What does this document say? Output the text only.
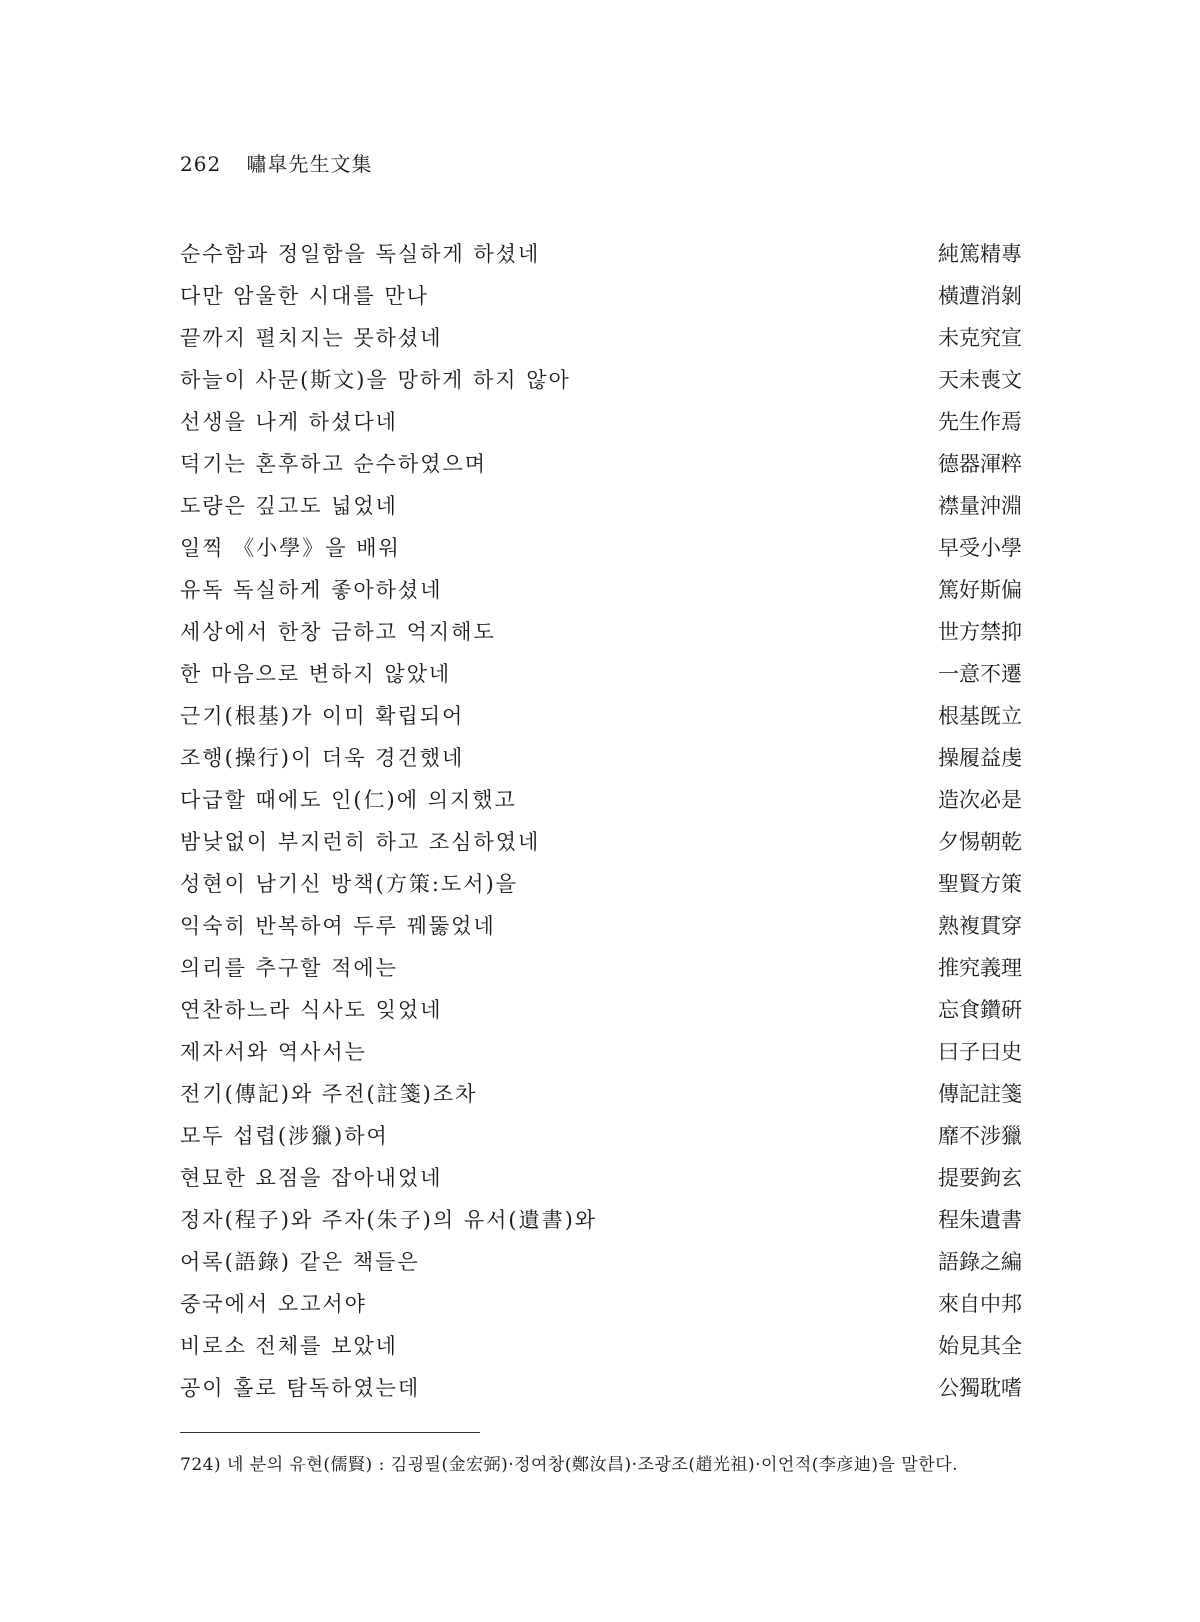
262 嘯皐先生文集
순수함과 정일함을 독실하게 하셨네	純篤精專
다만 암울한 시대를 만나	橫遭消剝
끝까지 펼치지는 못하셨네	未克究宣
하늘이 사문(斯文)을 망하게 하지 않아	天未喪文
선생을 나게 하셨다네	先生作焉
덕기는 혼후하고 순수하였으며	德器渾粹
도량은 깊고도 넓었네	襟量沖淵
일찍 《小學》을 배워	早受小學
유독 독실하게 좋아하셨네	篤好斯偏
세상에서 한창 금하고 억지해도	世方禁抑
한 마음으로 변하지 않았네	一意不遷
근기(根基)가 이미 확립되어	根基旣立
조행(操行)이 더욱 경건했네	操履益虔
다급할 때에도 인(仁)에 의지했고	造次必是
밤낮없이 부지런히 하고 조심하였네	夕惕朝乾
성현이 남기신 방책(方策:도서)을	聖賢方策
익숙히 반복하여 두루 꿰뚫었네	熟複貫穿
의리를 추구할 적에는	推究義理
연찬하느라 식사도 잊었네	忘食鑽硏
제자서와 역사서는	曰子曰史
전기(傳記)와 주전(註箋)조차	傳記註箋
모두 섭렵(涉獵)하여	靡不涉獵
현묘한 요점을 잡아내었네	提要鉤玄
정자(程子)와 주자(朱子)의 유서(遺書)와	程朱遺書
어록(語錄) 같은 책들은	語錄之編
중국에서 오고서야	來自中邦
비로소 전체를 보았네	始見其全
공이 홀로 탐독하였는데	公獨耽嗜
724) 네 분의 유현(儒賢) : 김굉필(金宏弼)·정여창(鄭汝昌)·조광조(趙光祖)·이언적(李彦迪)을 말한다.
